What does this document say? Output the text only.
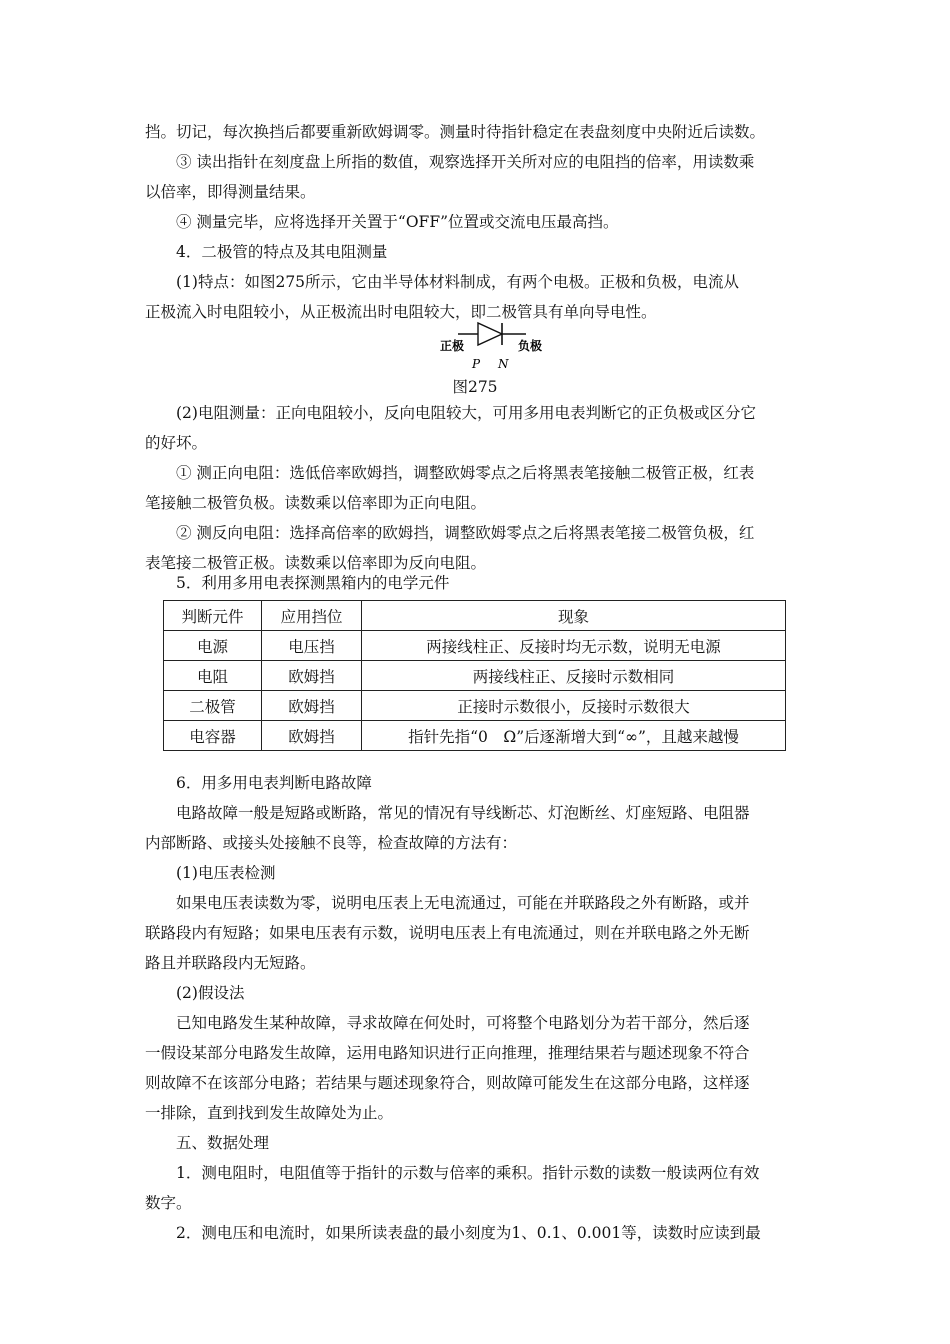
挡。切记，每次换挡后都要重新欧姆调零。测量时待指针稳定在表盘刻度中央附近后读数。

③ 读出指针在刻度盘上所指的数值，观察选择开关所对应的电阻挡的倍率，用读数乘

以倍率，即得测量结果。

④ 测量完毕，应将选择开关置于“OFF”位置或交流电压最高挡。

4．二极管的特点及其电阻测量

(1)特点：如图275所示，它由半导体材料制成，有两个电极。正极和负极，电流从

正极流入时电阻较小，从正极流出时电阻较大，即二极管具有单向导电性。

正极	负极
P N
图275

(2)电阻测量：正向电阻较小，反向电阻较大，可用多用电表判断它的正负极或区分它

的好坏。

① 测正向电阻：选低倍率欧姆挡，调整欧姆零点之后将黑表笔接触二极管正极，红表

笔接触二极管负极。读数乘以倍率即为正向电阻。

② 测反向电阻：选择高倍率的欧姆挡，调整欧姆零点之后将黑表笔接二极管负极，红

表笔接二极管正极。读数乘以倍率即为反向电阻。

5．利用多用电表探测黑箱内的电学元件

判断元件	应用挡位	现象
电源	电压挡	两接线柱正、反接时均无示数，说明无电源
电阻	欧姆挡	两接线柱正、反接时示数相同
二极管	欧姆挡	正接时示数很小，反接时示数很大
电容器	欧姆挡	指针先指“0　Ω”后逐渐增大到“∞”，且越来越慢

6．用多用电表判断电路故障

电路故障一般是短路或断路，常见的情况有导线断芯、灯泡断丝、灯座短路、电阻器

内部断路、或接头处接触不良等，检查故障的方法有：

(1)电压表检测

如果电压表读数为零，说明电压表上无电流通过，可能在并联路段之外有断路，或并

联路段内有短路；如果电压表有示数，说明电压表上有电流通过，则在并联电路之外无断

路且并联路段内无短路。

(2)假设法

已知电路发生某种故障，寻求故障在何处时，可将整个电路划分为若干部分，然后逐

一假设某部分电路发生故障，运用电路知识进行正向推理，推理结果若与题述现象不符合

则故障不在该部分电路；若结果与题述现象符合，则故障可能发生在这部分电路，这样逐

一排除，直到找到发生故障处为止。

五、数据处理

1．测电阻时，电阻值等于指针的示数与倍率的乘积。指针示数的读数一般读两位有效

数字。

2．测电压和电流时，如果所读表盘的最小刻度为1、0.1、0.001等，读数时应读到最
